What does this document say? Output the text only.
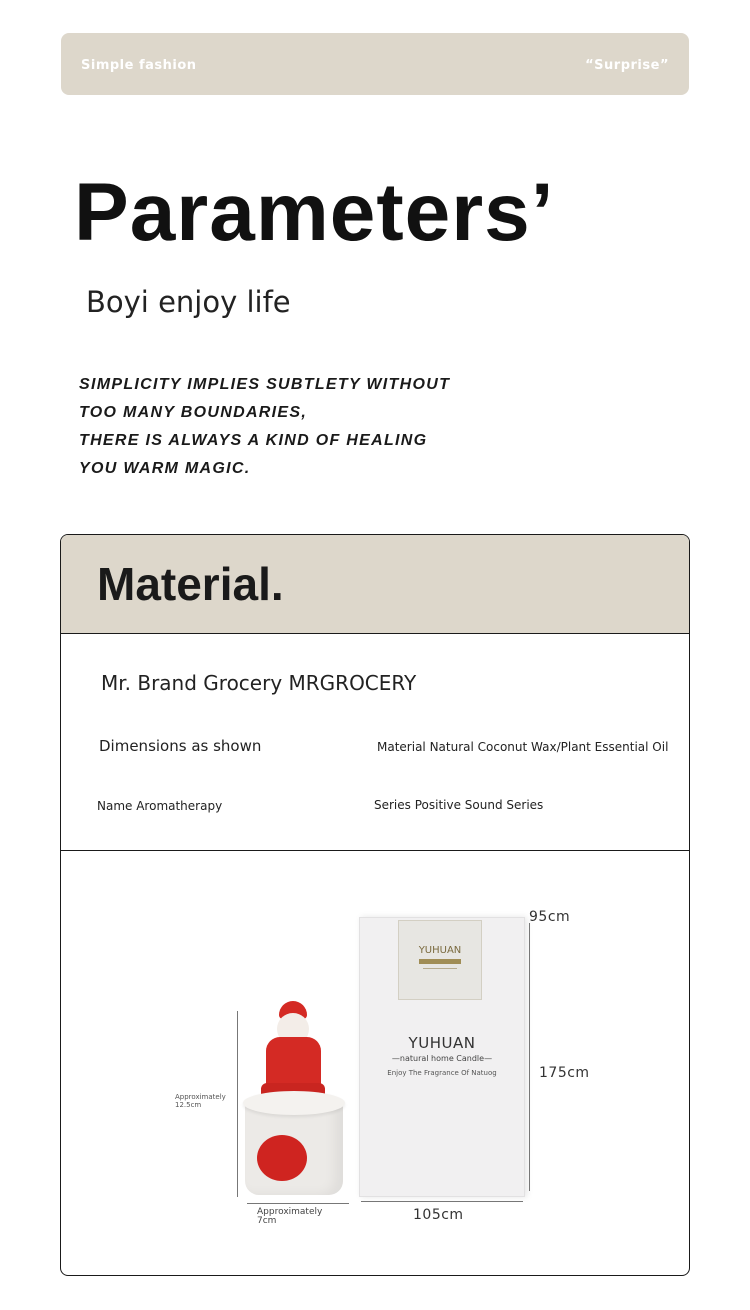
Simple fashion	“Surprise”
Parameters’
Boyi enjoy life
SIMPLICITY IMPLIES SUBTLETY WITHOUT
TOO MANY BOUNDARIES,
THERE IS ALWAYS A KIND OF HEALING
YOU WARM MAGIC.
Material.
Mr. Brand Grocery MRGROCERY
Dimensions as shown	Material Natural Coconut Wax/Plant Essential Oil
Name Aromatherapy	Series Positive Sound Series
Approximately
12.5cm
Approximately
7cm
YUHUAN
YUHUAN
—natural home Candle—
Enjoy The Fragrance Of Natuog
95cm
175cm
105cm
